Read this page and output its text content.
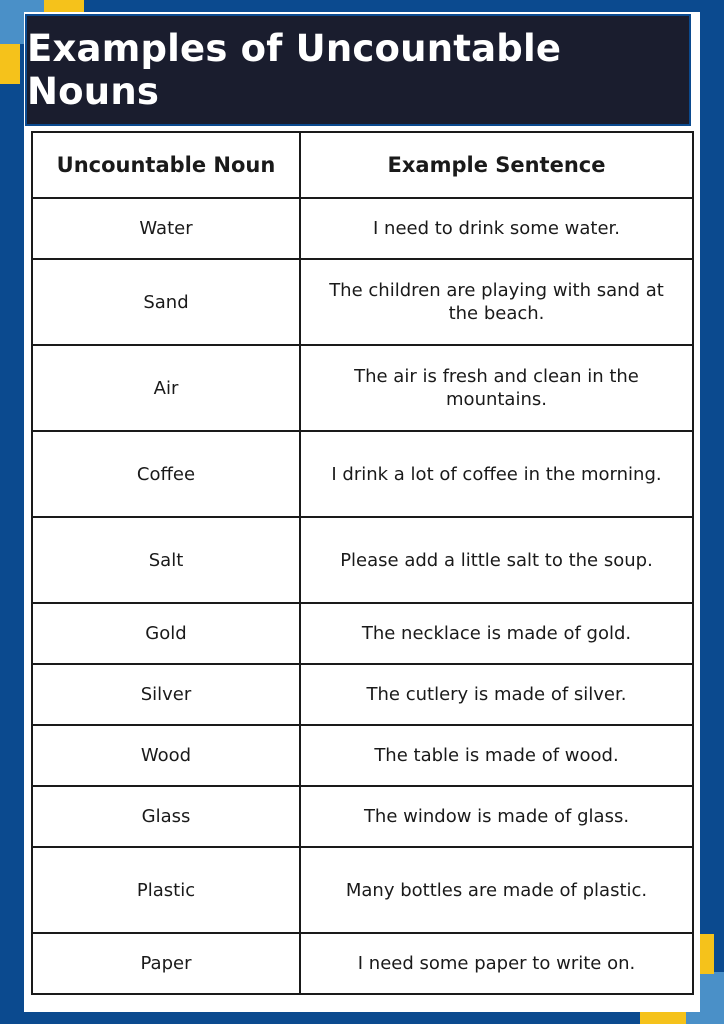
Examples of Uncountable Nouns
Uncountable Noun	Example Sentence
Water	I need to drink some water.
Sand	The children are playing with sand at the beach.
Air	The air is fresh and clean in the mountains.
Coffee	I drink a lot of coffee in the morning.
Salt	Please add a little salt to the soup.
Gold	The necklace is made of gold.
Silver	The cutlery is made of silver.
Wood	The table is made of wood.
Glass	The window is made of glass.
Plastic	Many bottles are made of plastic.
Paper	I need some paper to write on.
